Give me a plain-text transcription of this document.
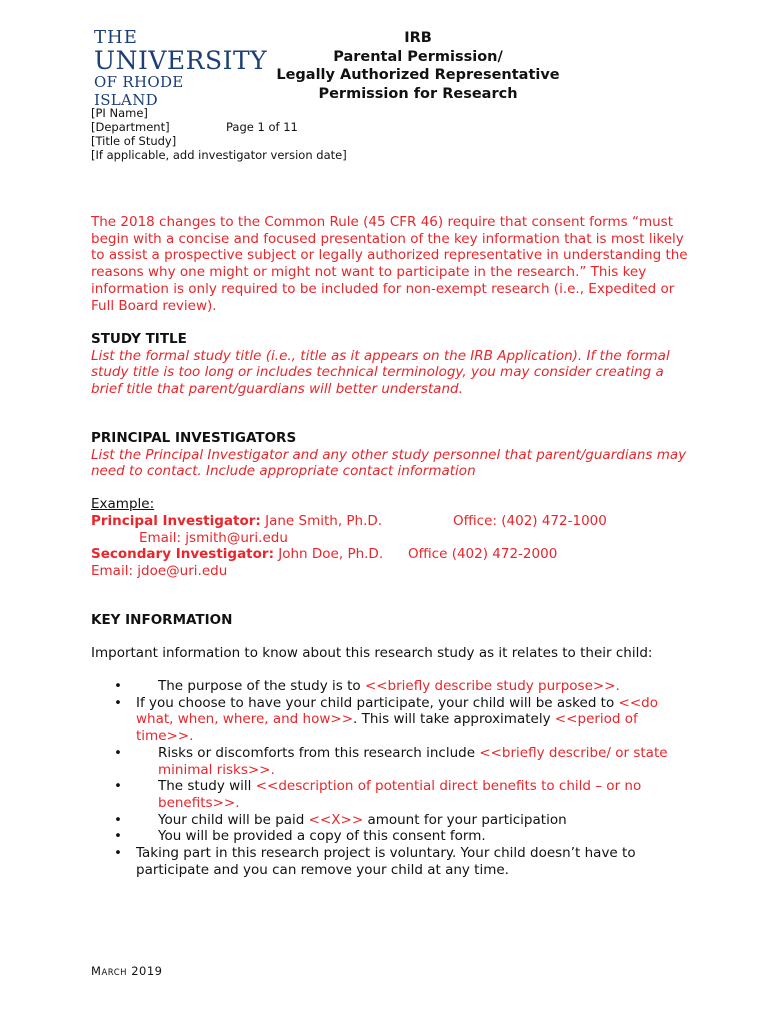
THE
UNIVERSITY
OF RHODE ISLAND
IRB
Parental Permission/
Legally Authorized Representative
Permission for Research
[PI Name]
[Department]
[Title of Study]
[If applicable, add investigator version date]
Page 1 of 11
The 2018 changes to the Common Rule (45 CFR 46) require that consent forms “must begin with a concise and focused presentation of the key information that is most likely to assist a prospective subject or legally authorized representative in understanding the reasons why one might or might not want to participate in the research.” This key information is only required to be included for non-exempt research (i.e., Expedited or Full Board review).
STUDY TITLE
List the formal study title (i.e., title as it appears on the IRB Application). If the formal study title is too long or includes technical terminology, you may consider creating a brief title that parent/guardians will better understand.
PRINCIPAL INVESTIGATORS
List the Principal Investigator and any other study personnel that parent/guardians may need to contact. Include appropriate contact information
Example:
Principal Investigator: Jane Smith, Ph.D.	Office: (402) 472-1000
Email: jsmith@uri.edu
Secondary Investigator: John Doe, Ph.D. Office (402) 472-2000
Email: jdoe@uri.edu
KEY INFORMATION
Important information to know about this research study as it relates to their child:
•	The purpose of the study is to <<briefly describe study purpose>>.
• If you choose to have your child participate, your child will be asked to <<do what, when, where, and how>>. This will take approximately <<period of time>>.
•	Risks or discomforts from this research include <<briefly describe/ or state minimal risks>>.
•	The study will <<description of potential direct benefits to child – or no benefits>>.
•	Your child will be paid <<X>> amount for your participation
•	You will be provided a copy of this consent form.
• Taking part in this research project is voluntary. Your child doesn’t have to participate and you can remove your child at any time.
MARCH 2019
